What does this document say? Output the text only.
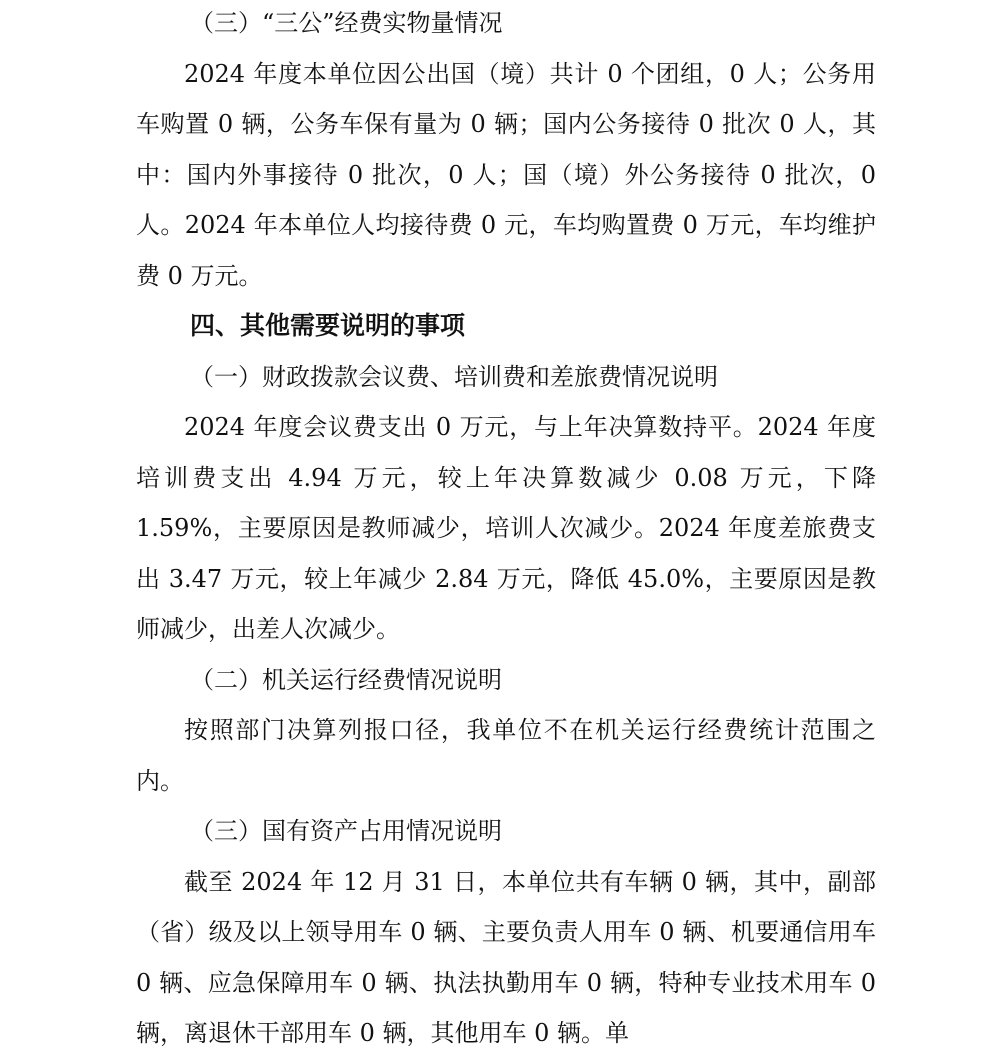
（三）“三公”经费实物量情况

2024 年度本单位因公出国（境）共计 0 个团组，0 人；公务用车购置 0 辆，公务车保有量为 0 辆；国内公务接待 0 批次 0 人，其中：国内外事接待 0 批次，0 人；国（境）外公务接待 0 批次，0 人。2024 年本单位人均接待费 0 元，车均购置费 0 万元，车均维护费 0 万元。

四、其他需要说明的事项

（一）财政拨款会议费、培训费和差旅费情况说明

2024 年度会议费支出 0 万元，与上年决算数持平。2024 年度培训费支出 4.94 万元，较上年决算数减少 0.08 万元，下降 1.59%，主要原因是教师减少，培训人次减少。2024 年度差旅费支出 3.47 万元，较上年减少 2.84 万元，降低 45.0%，主要原因是教师减少，出差人次减少。

（二）机关运行经费情况说明

按照部门决算列报口径，我单位不在机关运行经费统计范围之内。

（三）国有资产占用情况说明

截至 2024 年 12 月 31 日，本单位共有车辆 0 辆，其中，副部（省）级及以上领导用车 0 辆、主要负责人用车 0 辆、机要通信用车 0 辆、应急保障用车 0 辆、执法执勤用车 0 辆，特种专业技术用车 0 辆，离退休干部用车 0 辆，其他用车 0 辆。单
